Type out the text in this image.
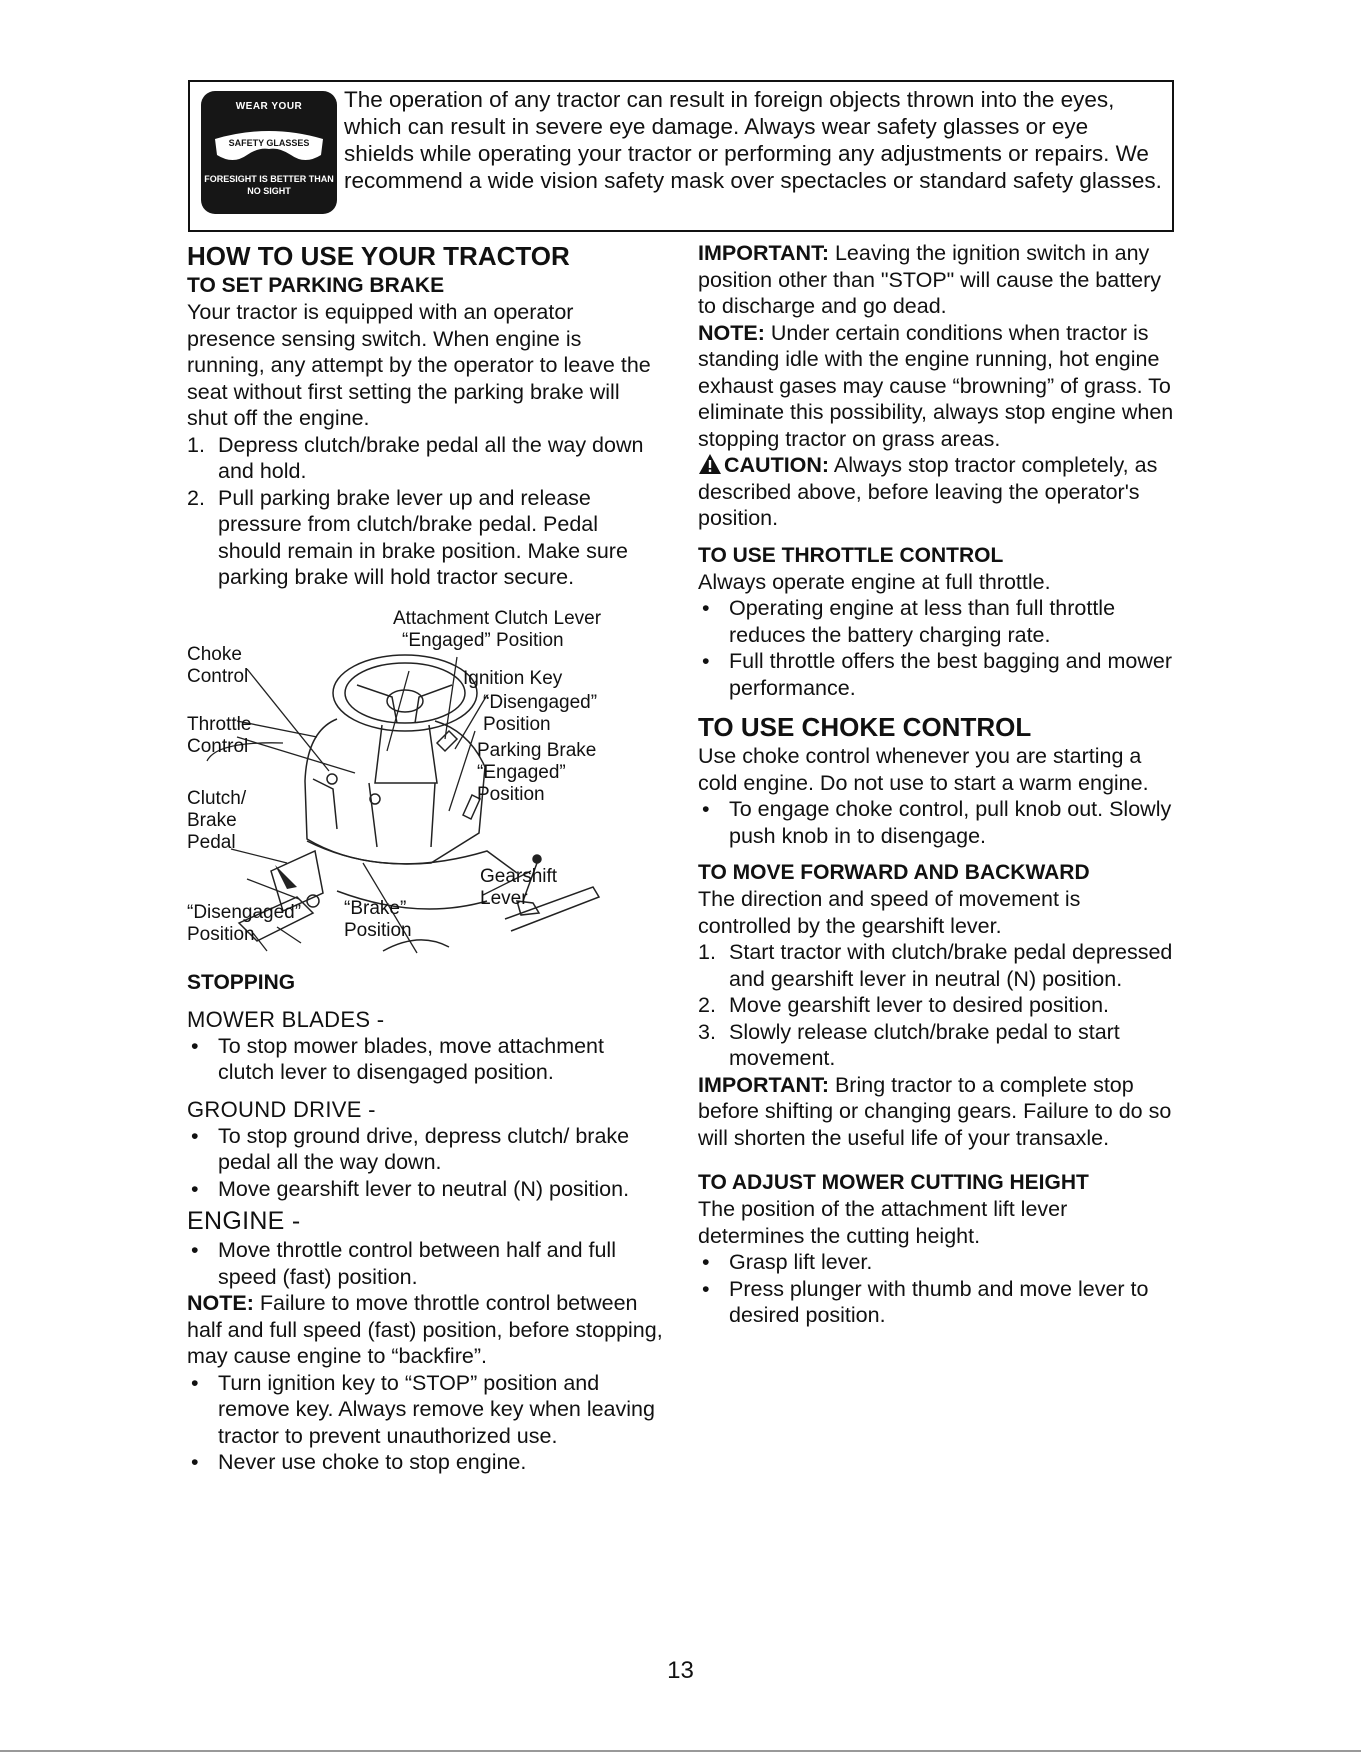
WEAR YOUR
SAFETY GLASSES
FORESIGHT IS BETTER THAN NO SIGHT

The operation of any tractor can result in foreign objects thrown into the eyes, which can result in severe eye damage. Always wear safety glasses or eye shields while operating your tractor or performing any adjustments or repairs. We recommend a wide vision safety mask over spectacles or standard safety glasses.

HOW TO USE YOUR TRACTOR
TO SET PARKING BRAKE

Your tractor is equipped with an operator presence sensing switch. When engine is running, any attempt by the operator to leave the seat without first setting the parking brake will shut off the engine.

1. Depress clutch/brake pedal all the way down and hold.
2. Pull parking brake lever up and release pressure from clutch/brake pedal. Pedal should remain in brake position. Make sure parking brake will hold tractor secure.
Attachment Clutch Lever
“Engaged” Position
Choke
Control	Ignition Key
“Disengaged”
Position
Throttle
Control	Parking Brake
“Engaged”
Position
Clutch/
Brake
Pedal
Gearshift
Lever
“Disengaged”
Position
“Brake”
Position
STOPPING
MOWER BLADES -
• To stop mower blades, move attachment clutch lever to disengaged position.
GROUND DRIVE -
• To stop ground drive, depress clutch/ brake pedal all the way down.
• Move gearshift lever to neutral (N) position.
ENGINE -
• Move throttle control between half and full speed (fast) position.

NOTE: Failure to move throttle control between half and full speed (fast) position, before stopping, may cause engine to “backfire”.

• Turn ignition key to “STOP” position and remove key. Always remove key when leaving tractor to prevent unauthorized use.
• Never use choke to stop engine.

IMPORTANT: Leaving the ignition switch in any position other than "STOP" will cause the battery to discharge and go dead.

NOTE: Under certain conditions when tractor is standing idle with the engine running, hot engine exhaust gases may cause “browning” of grass. To eliminate this possibility, always stop engine when stopping tractor on grass areas.

CAUTION: Always stop tractor completely, as described above, before leaving the operator's position.

TO USE THROTTLE CONTROL

Always operate engine at full throttle.

• Operating engine at less than full throttle reduces the battery charging rate.
• Full throttle offers the best bagging and mower performance.
TO USE CHOKE CONTROL

Use choke control whenever you are starting a cold engine. Do not use to start a warm engine.

• To engage choke control, pull knob out. Slowly push knob in to disengage.
TO MOVE FORWARD AND BACKWARD

The direction and speed of movement is controlled by the gearshift lever.

1. Start tractor with clutch/brake pedal depressed and gearshift lever in neutral (N) position.
2. Move gearshift lever to desired position.
3. Slowly release clutch/brake pedal to start movement.

IMPORTANT: Bring tractor to a complete stop before shifting or changing gears. Failure to do so will shorten the useful life of your transaxle.

TO ADJUST MOWER CUTTING HEIGHT

The position of the attachment lift lever determines the cutting height.

• Grasp lift lever.
• Press plunger with thumb and move lever to desired position.
13
